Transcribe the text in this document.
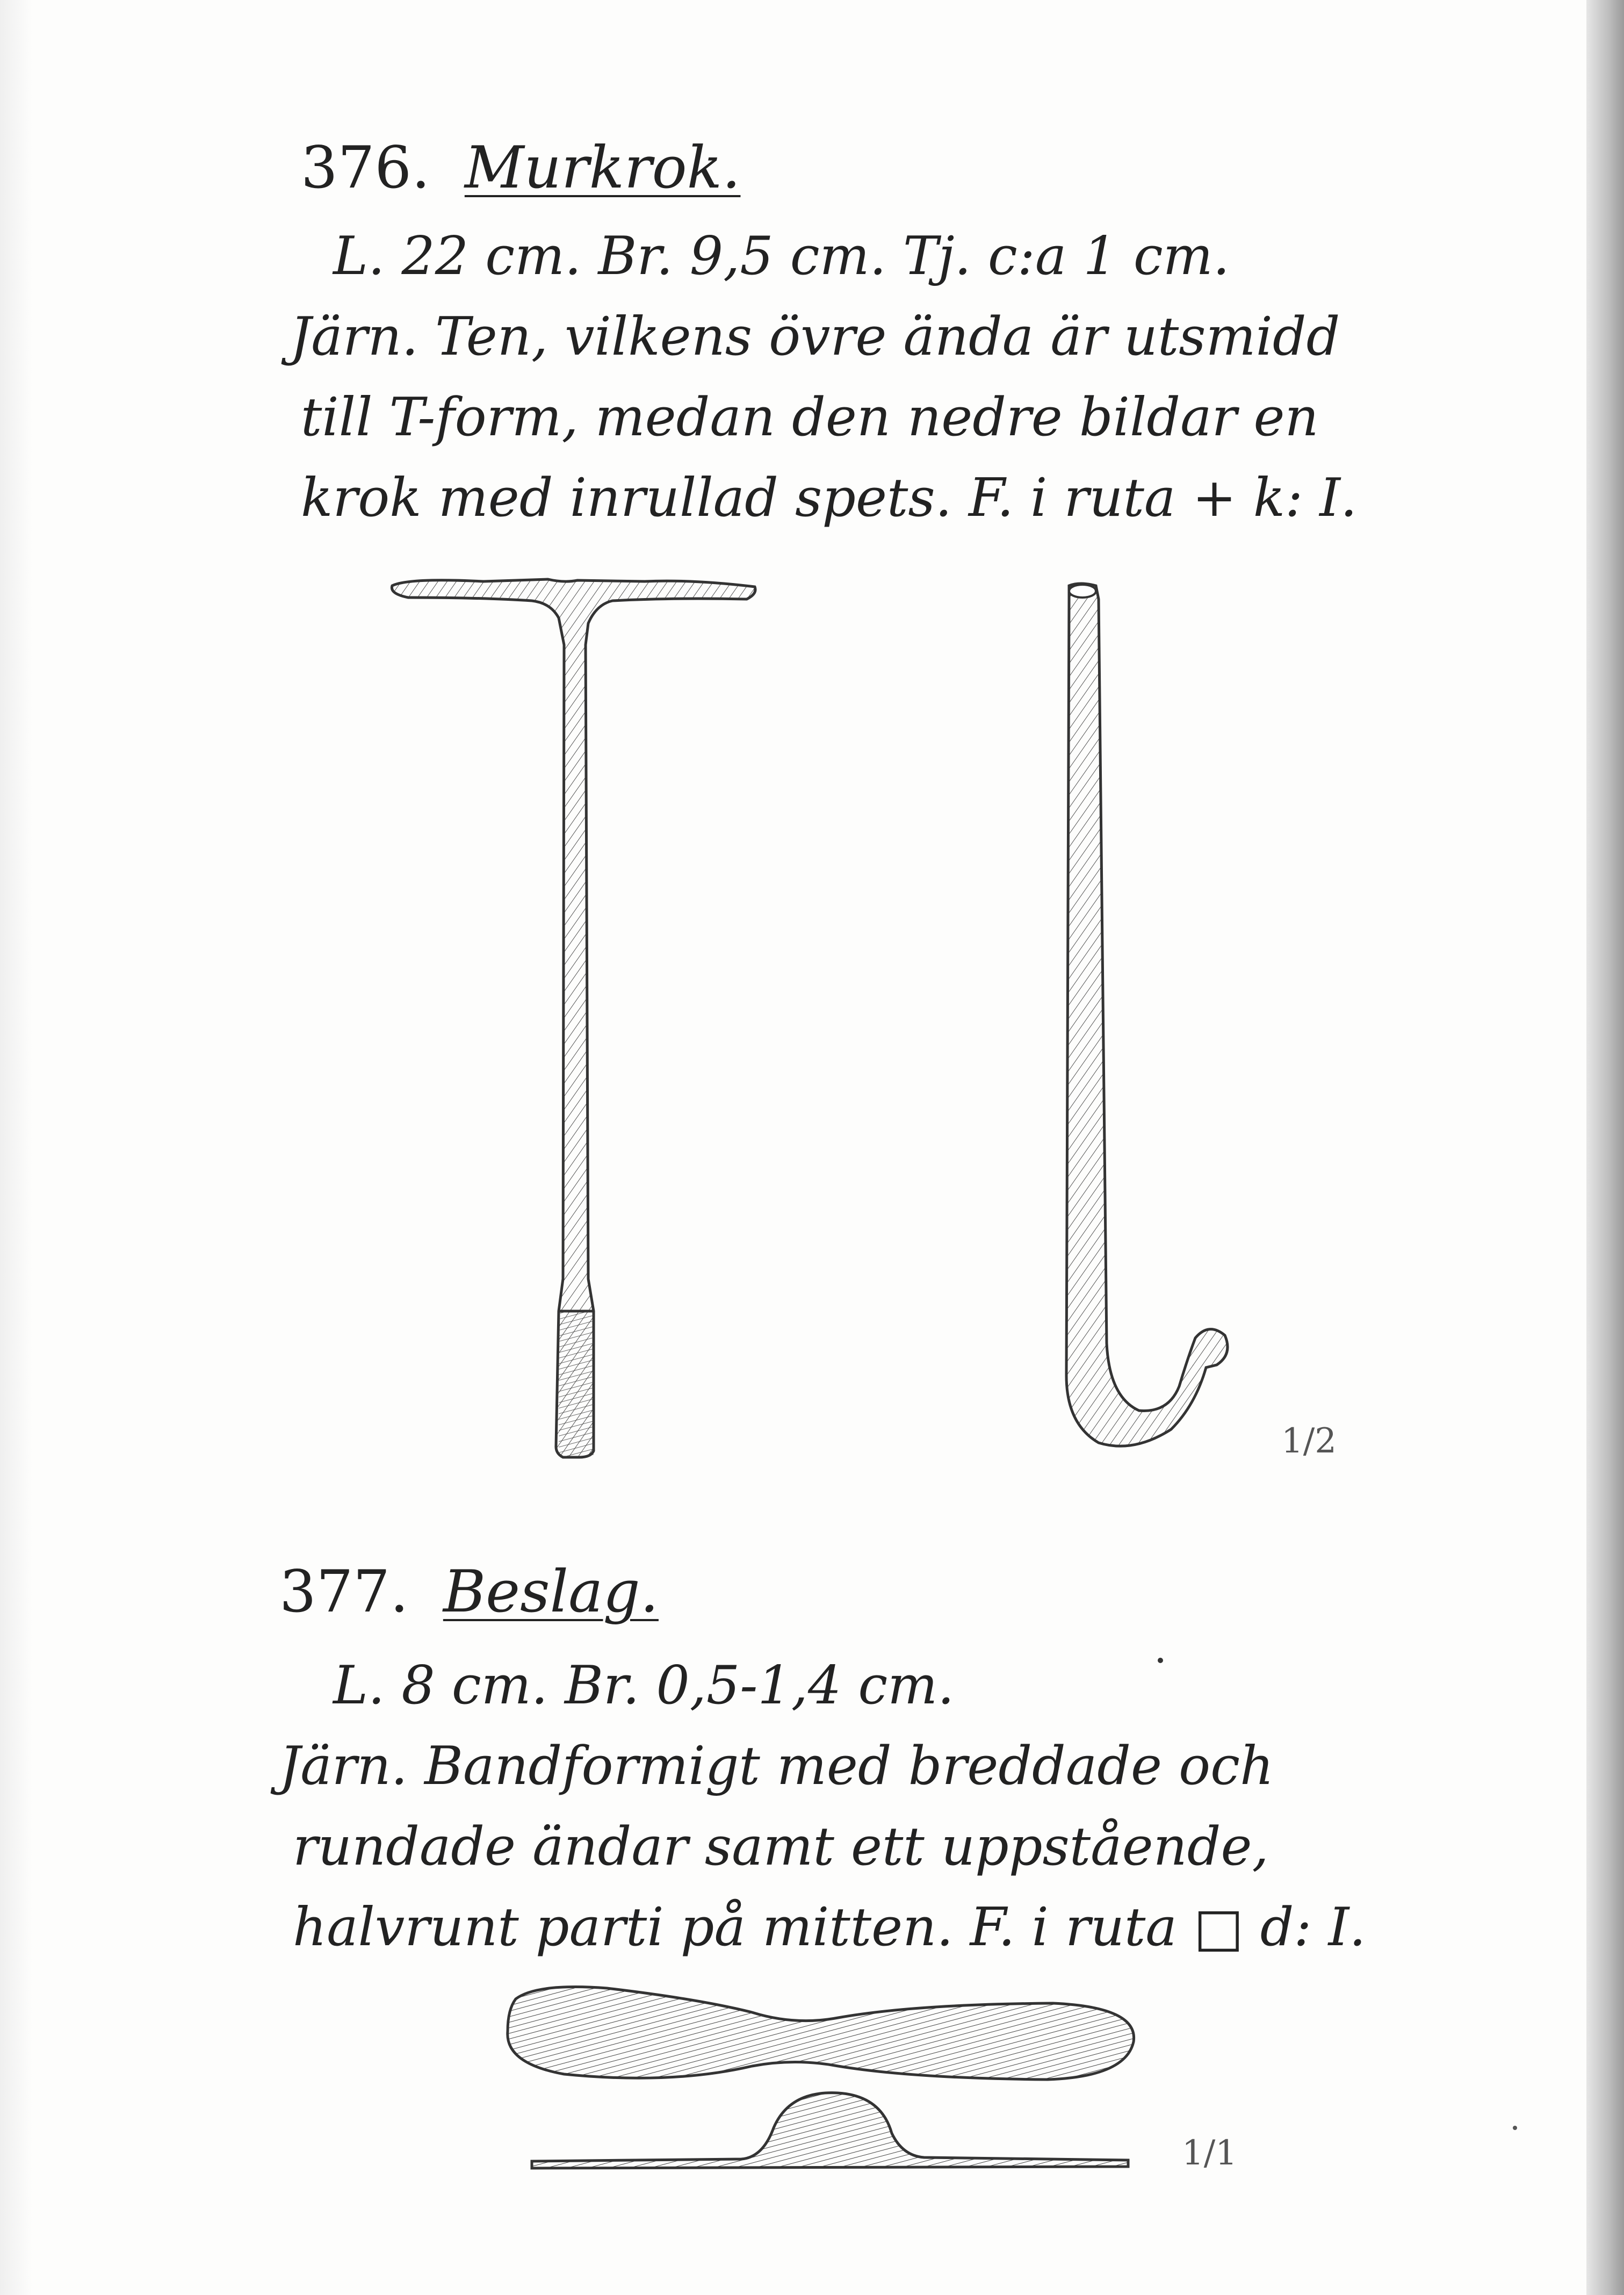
376. Murkrok.
L. 22 cm. Br. 9,5 cm. Tj. c:a 1 cm.
Järn. Ten, vilkens övre ända är utsmidd
till T-form, medan den nedre bildar en
krok med inrullad spets. F. i ruta + k: I.
1/2
377. Beslag.
L. 8 cm. Br. 0,5-1,4 cm.
Järn. Bandformigt med breddade och
rundade ändar samt ett uppstående,
halvrunt parti på mitten. F. i ruta □ d: I.
1/1
